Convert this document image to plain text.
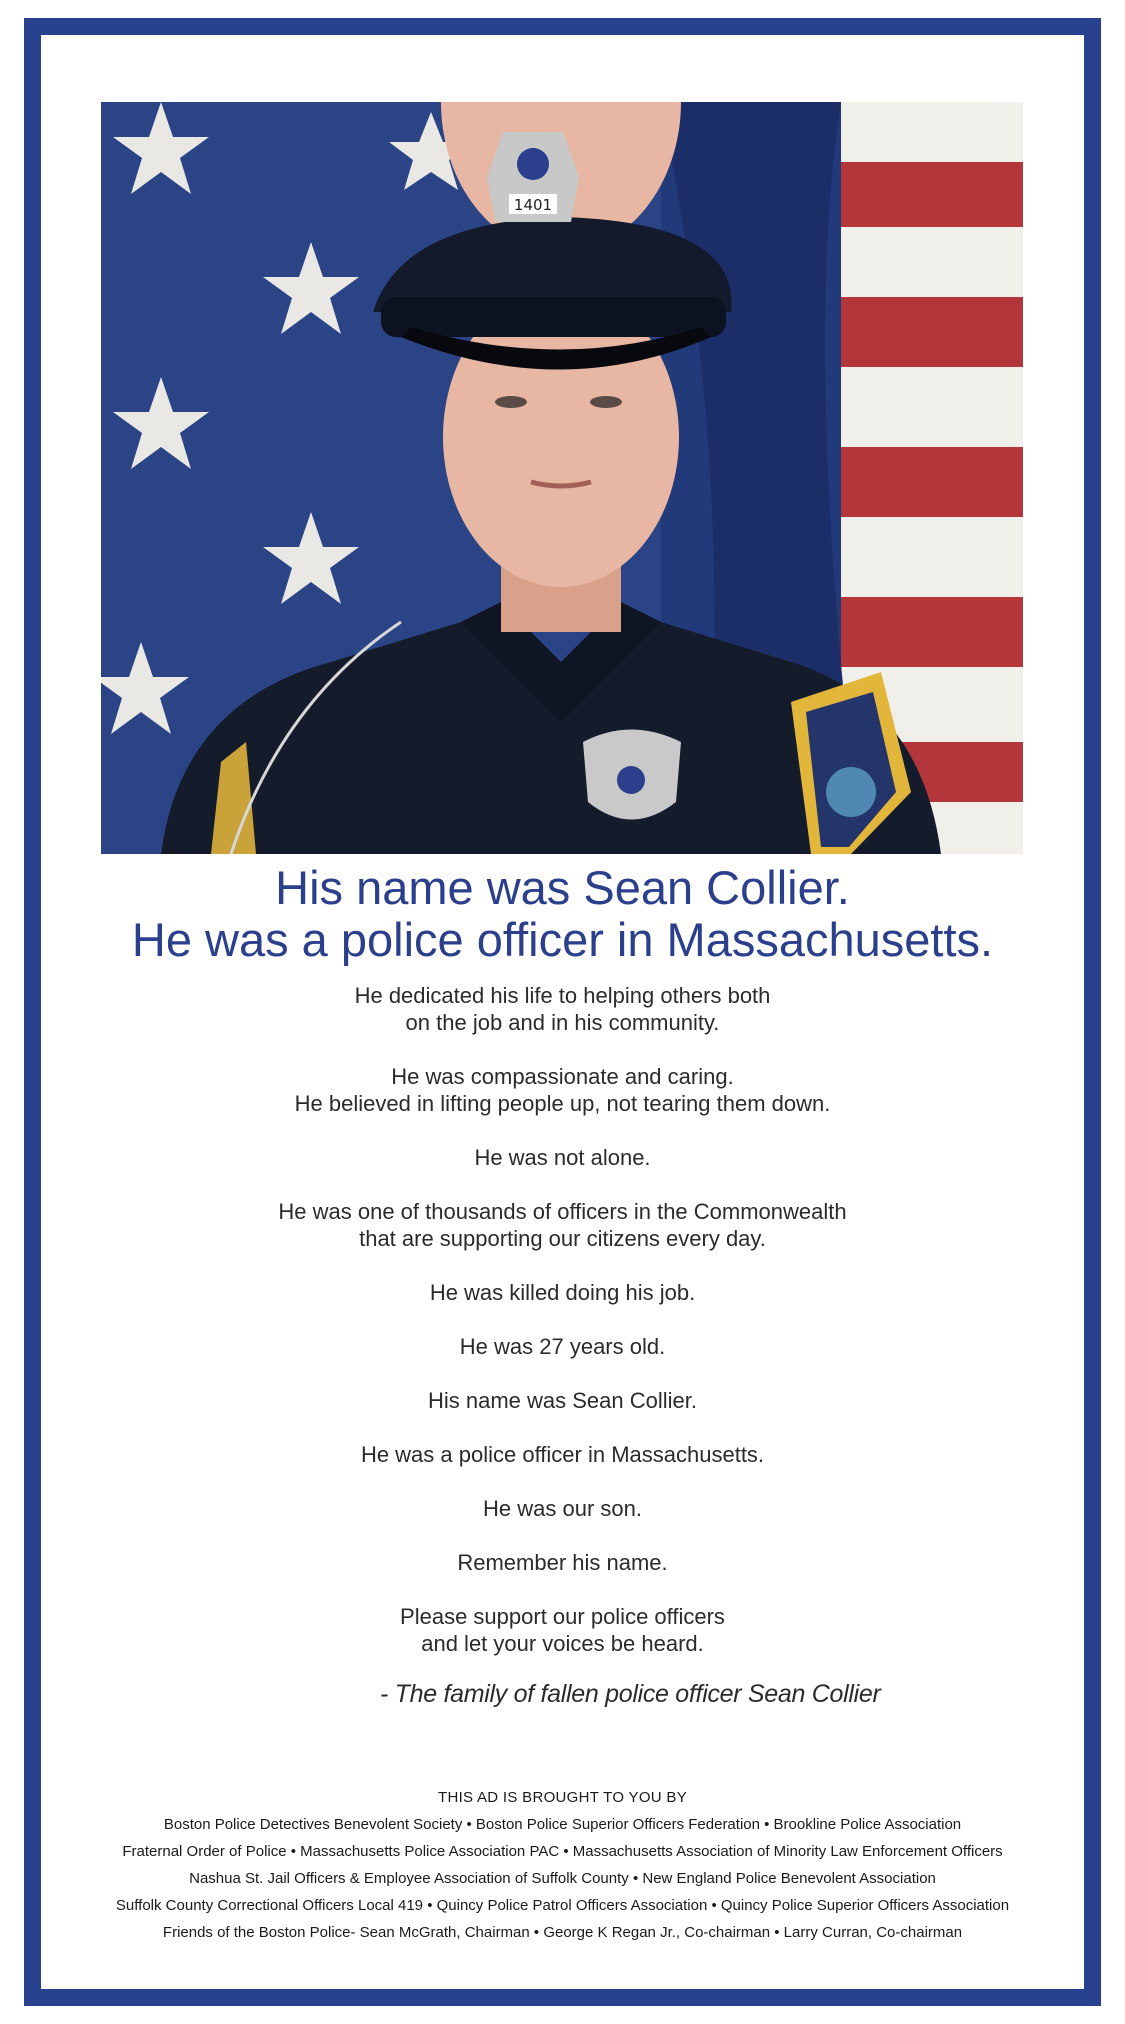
1401
His name was Sean Collier.
He was a police officer in Massachusetts.

He dedicated his life to helping others both
on the job and in his community.

He was compassionate and caring.
He believed in lifting people up, not tearing them down.

He was not alone.

He was one of thousands of officers in the Commonwealth
that are supporting our citizens every day.

He was killed doing his job.

He was 27 years old.

His name was Sean Collier.

He was a police officer in Massachusetts.

He was our son.

Remember his name.

Please support our police officers
and let your voices be heard.

- The family of fallen police officer Sean Collier
THIS AD IS BROUGHT TO YOU BY
Boston Police Detectives Benevolent Society • Boston Police Superior Officers Federation • Brookline Police Association
Fraternal Order of Police • Massachusetts Police Association PAC • Massachusetts Association of Minority Law Enforcement Officers
Nashua St. Jail Officers & Employee Association of Suffolk County • New England Police Benevolent Association
Suffolk County Correctional Officers Local 419 • Quincy Police Patrol Officers Association • Quincy Police Superior Officers Association
Friends of the Boston Police- Sean McGrath, Chairman • George K Regan Jr., Co-chairman • Larry Curran, Co-chairman
